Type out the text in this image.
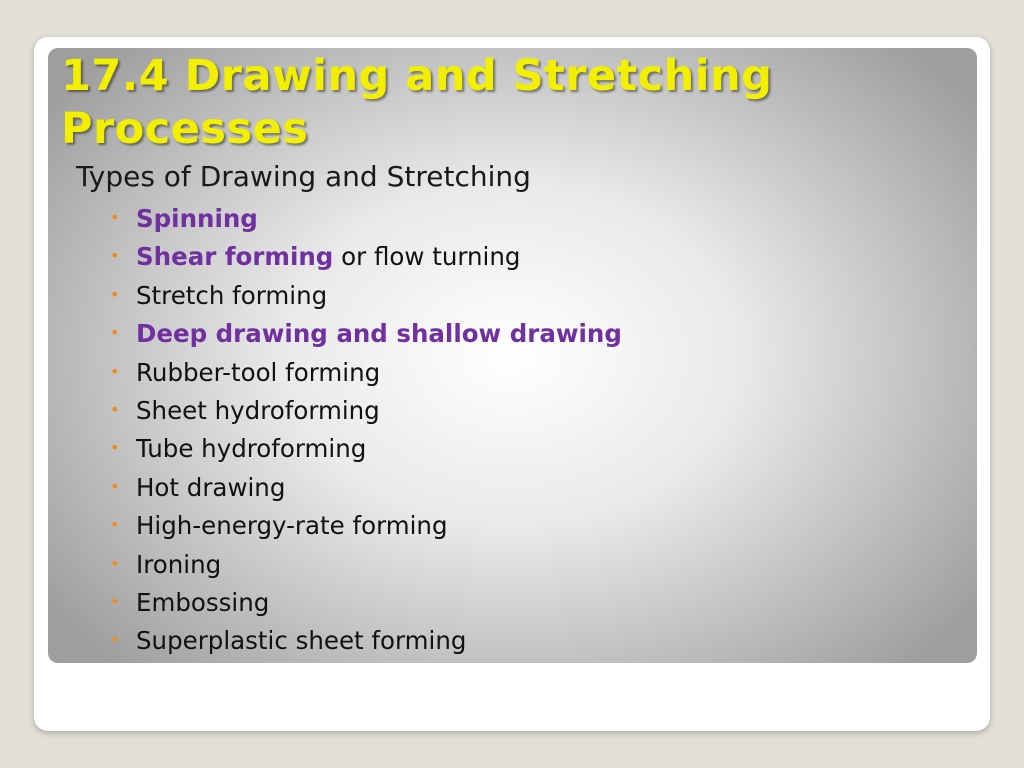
17.4 Drawing and Stretching
Processes
Types of Drawing and Stretching
• Spinning
• Shear forming or flow turning
• Stretch forming
• Deep drawing and shallow drawing
• Rubber-tool forming
• Sheet hydroforming
• Tube hydroforming
• Hot drawing
• High-energy-rate forming
• Ironing
• Embossing
• Superplastic sheet forming
